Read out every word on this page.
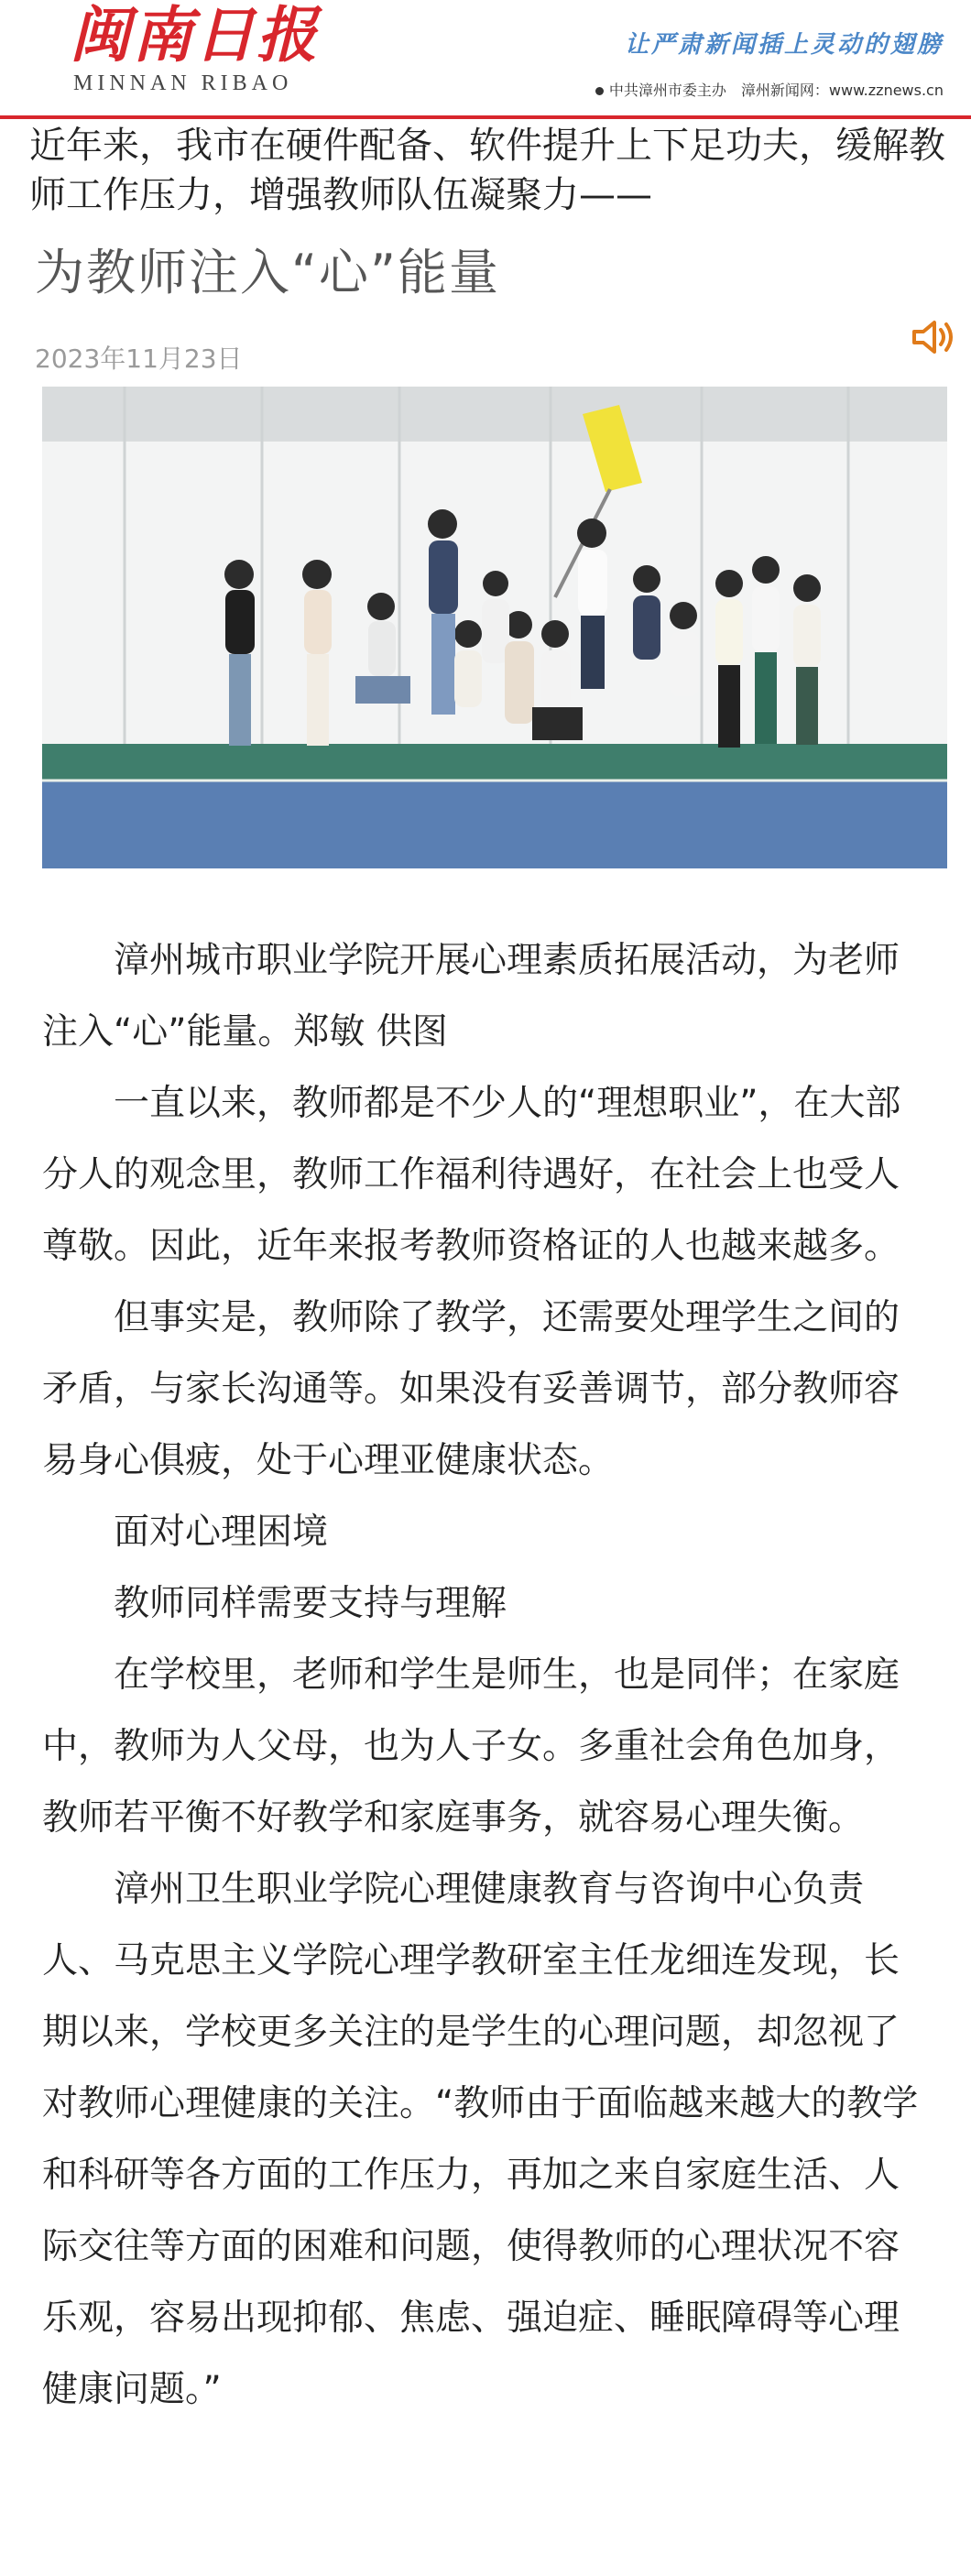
闽南日报
MINNAN RIBAO
让严肃新闻插上灵动的翅膀
中共漳州市委主办　漳州新闻网：www.zznews.cn
近年来，我市在硬件配备、软件提升上下足功夫，缓解教师工作压力，增强教师队伍凝聚力——
为教师注入“心”能量
2023年11月23日

漳州城市职业学院开展心理素质拓展活动，为老师注入“心”能量。郑敏 供图

一直以来，教师都是不少人的“理想职业”，在大部分人的观念里，教师工作福利待遇好，在社会上也受人尊敬。因此，近年来报考教师资格证的人也越来越多。

但事实是，教师除了教学，还需要处理学生之间的矛盾，与家长沟通等。如果没有妥善调节，部分教师容易身心俱疲，处于心理亚健康状态。

面对心理困境

教师同样需要支持与理解

在学校里，老师和学生是师生，也是同伴；在家庭中，教师为人父母，也为人子女。多重社会角色加身，教师若平衡不好教学和家庭事务，就容易心理失衡。

漳州卫生职业学院心理健康教育与咨询中心负责人、马克思主义学院心理学教研室主任龙细连发现，长期以来，学校更多关注的是学生的心理问题，却忽视了对教师心理健康的关注。“教师由于面临越来越大的教学和科研等各方面的工作压力，再加之来自家庭生活、人际交往等方面的困难和问题，使得教师的心理状况不容乐观，容易出现抑郁、焦虑、强迫症、睡眠障碍等心理健康问题。”
